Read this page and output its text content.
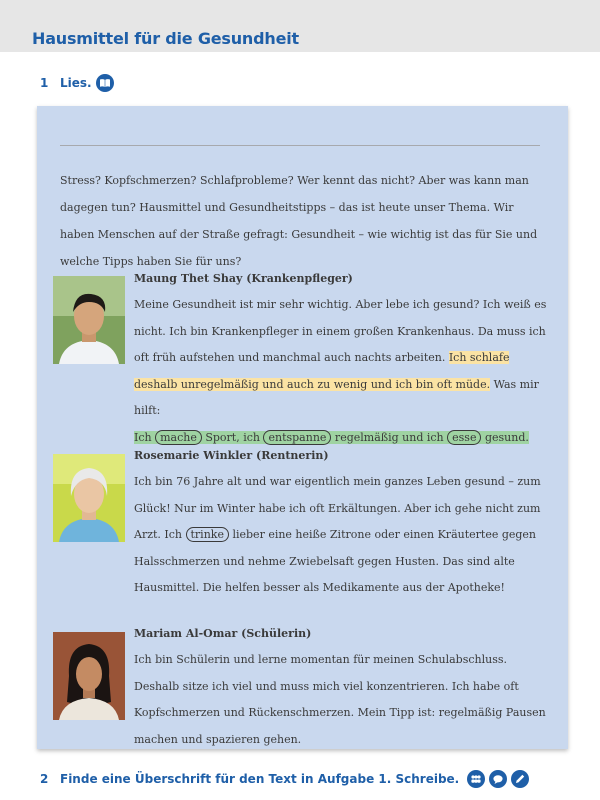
Hausmittel für die Gesundheit
1 Lies.
Stress? Kopfschmerzen? Schlafprobleme? Wer kennt das nicht? Aber was kann man dagegen tun? Hausmittel und Gesundheitstipps – das ist heute unser Thema. Wir haben Menschen auf der Straße gefragt: Gesundheit – wie wichtig ist das für Sie und welche Tipps haben Sie für uns?
Maung Thet Shay (Krankenpfleger)
Meine Gesundheit ist mir sehr wichtig. Aber lebe ich gesund? Ich weiß es nicht. Ich bin Krankenpfleger in einem großen Krankenhaus. Da muss ich oft früh aufstehen und manchmal auch nachts arbeiten. Ich schlafe deshalb unregelmäßig und auch zu wenig und ich bin oft müde. Was mir hilft:
Ich mache Sport, ich entspanne regelmäßig und ich esse gesund.
Rosemarie Winkler (Rentnerin)
Ich bin 76 Jahre alt und war eigentlich mein ganzes Leben gesund – zum Glück! Nur im Winter habe ich oft Erkältungen. Aber ich gehe nicht zum Arzt. Ich trinke lieber eine heiße Zitrone oder einen Kräutertee gegen Halsschmerzen und nehme Zwiebelsaft gegen Husten. Das sind alte Hausmittel. Die helfen besser als Medikamente aus der Apotheke!
Mariam Al-Omar (Schülerin)
Ich bin Schülerin und lerne momentan für meinen Schulabschluss. Deshalb sitze ich viel und muss mich viel konzentrieren. Ich habe oft Kopfschmerzen und Rückenschmerzen. Mein Tipp ist: regelmäßig Pausen machen und spazieren gehen.
2 Finde eine Überschrift für den Text in Aufgabe 1. Schreibe.
